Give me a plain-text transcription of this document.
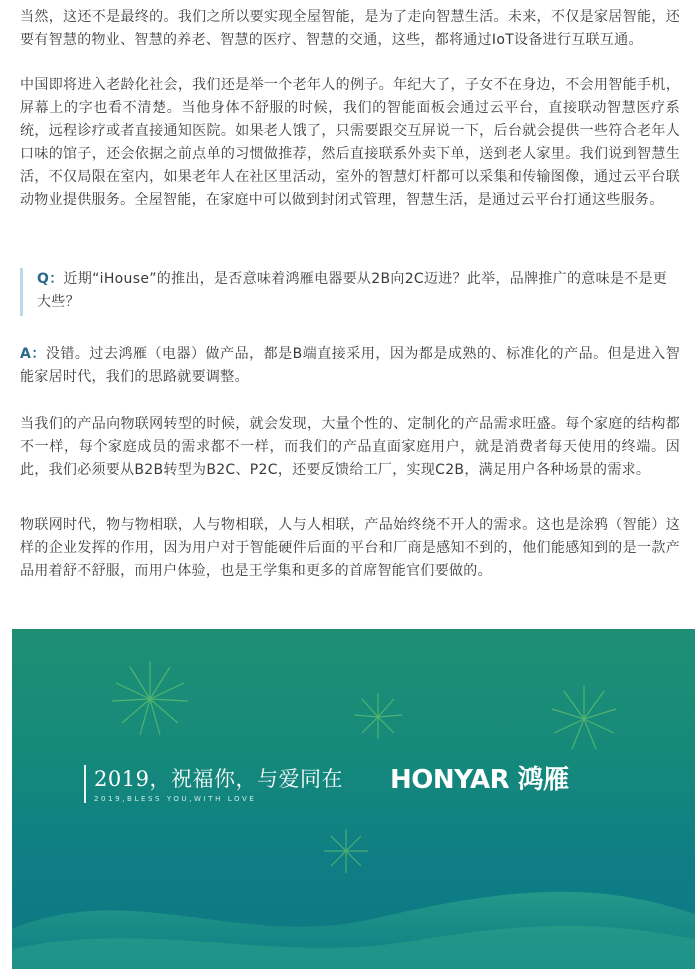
当然，这还不是最终的。我们之所以要实现全屋智能，是为了走向智慧生活。未来，不仅是家居智能，还要有智慧的物业、智慧的养老、智慧的医疗、智慧的交通，这些，都将通过IoT设备进行互联互通。

中国即将进入老龄化社会，我们还是举一个老年人的例子。年纪大了，子女不在身边，不会用智能手机，屏幕上的字也看不清楚。当他身体不舒服的时候，我们的智能面板会通过云平台，直接联动智慧医疗系统，远程诊疗或者直接通知医院。如果老人饿了，只需要跟交互屏说一下，后台就会提供一些符合老年人口味的馆子，还会依据之前点单的习惯做推荐，然后直接联系外卖下单，送到老人家里。我们说到智慧生活，不仅局限在室内，如果老年人在社区里活动，室外的智慧灯杆都可以采集和传输图像，通过云平台联动物业提供服务。全屋智能，在家庭中可以做到封闭式管理，智慧生活，是通过云平台打通这些服务。

Q：近期“iHouse”的推出，是否意味着鸿雁电器要从2B向2C迈进？此举，品牌推广的意味是不是更大些？

A：没错。过去鸿雁（电器）做产品，都是B端直接采用，因为都是成熟的、标准化的产品。但是进入智能家居时代，我们的思路就要调整。

当我们的产品向物联网转型的时候，就会发现，大量个性的、定制化的产品需求旺盛。每个家庭的结构都不一样，每个家庭成员的需求都不一样，而我们的产品直面家庭用户，就是消费者每天使用的终端。因此，我们必须要从B2B转型为B2C、P2C，还要反馈给工厂，实现C2B，满足用户各种场景的需求。

物联网时代，物与物相联，人与物相联，人与人相联，产品始终绕不开人的需求。这也是涂鸦（智能）这样的企业发挥的作用，因为用户对于智能硬件后面的平台和厂商是感知不到的，他们能感知到的是一款产品用着舒不舒服，而用户体验，也是王学集和更多的首席智能官们要做的。

2019，祝福你，与爱同在
2019,BLESS YOU,WITH LOVE
HONYAR 鸿雁
